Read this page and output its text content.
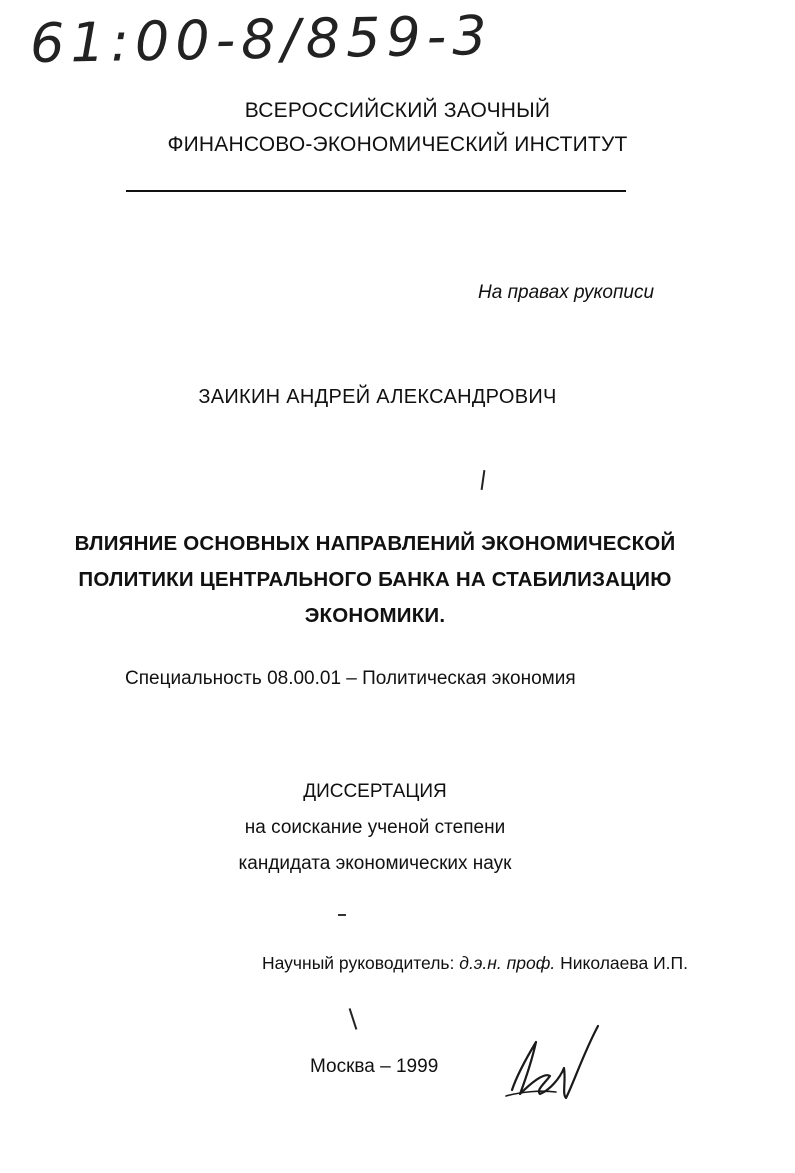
61:00-8/859-3
ВСЕРОССИЙСКИЙ ЗАОЧНЫЙ
ФИНАНСОВО-ЭКОНОМИЧЕСКИЙ ИНСТИТУТ
На правах рукописи
ЗАИКИН АНДРЕЙ АЛЕКСАНДРОВИЧ
ВЛИЯНИЕ ОСНОВНЫХ НАПРАВЛЕНИЙ ЭКОНОМИЧЕСКОЙ
ПОЛИТИКИ ЦЕНТРАЛЬНОГО БАНКА НА СТАБИЛИЗАЦИЮ
ЭКОНОМИКИ.
Специальность 08.00.01 – Политическая экономия
ДИССЕРТАЦИЯ
на соискание ученой степени
кандидата экономических наук
Научный руководитель: д.э.н. проф. Николаева И.П.
Москва – 1999
